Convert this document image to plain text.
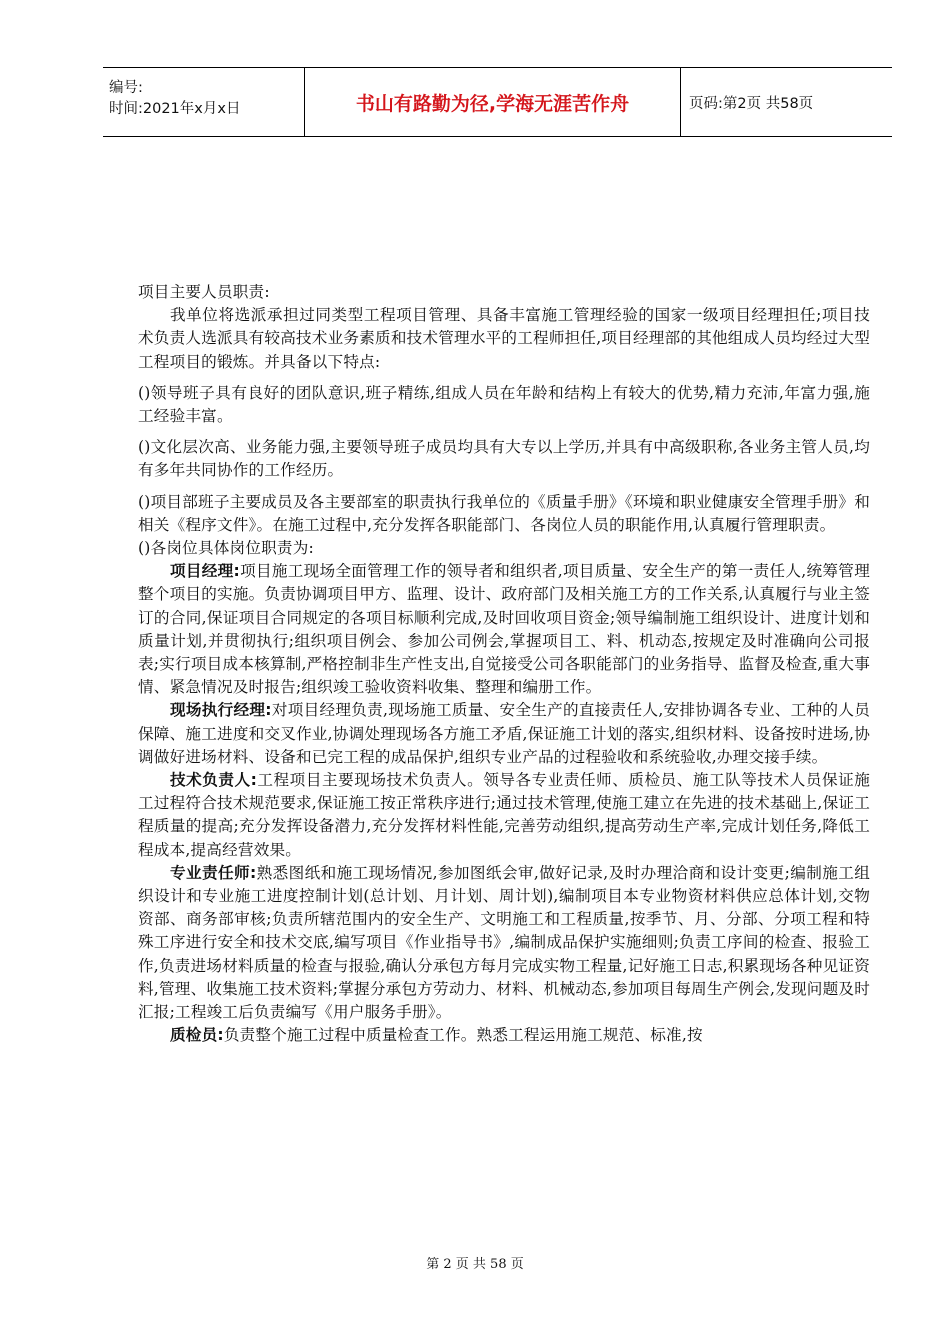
编号:
时间:2021年x月x日	书山有路勤为径,学海无涯苦作舟	页码:第2页 共58页

项目主要人员职责:

我单位将选派承担过同类型工程项目管理、具备丰富施工管理经验的国家一级项目经理担任;项目技术负责人选派具有较高技术业务素质和技术管理水平的工程师担任,项目经理部的其他组成人员均经过大型工程项目的锻炼。并具备以下特点:

()领导班子具有良好的团队意识,班子精练,组成人员在年龄和结构上有较大的优势,精力充沛,年富力强,施工经验丰富。

()文化层次高、业务能力强,主要领导班子成员均具有大专以上学历,并具有中高级职称,各业务主管人员,均有多年共同协作的工作经历。

()项目部班子主要成员及各主要部室的职责执行我单位的《质量手册》《环境和职业健康安全管理手册》和相关《程序文件》。在施工过程中,充分发挥各职能部门、各岗位人员的职能作用,认真履行管理职责。

()各岗位具体岗位职责为:

项目经理:项目施工现场全面管理工作的领导者和组织者,项目质量、安全生产的第一责任人,统筹管理整个项目的实施。负责协调项目甲方、监理、设计、政府部门及相关施工方的工作关系,认真履行与业主签订的合同,保证项目合同规定的各项目标顺利完成,及时回收项目资金;领导编制施工组织设计、进度计划和质量计划,并贯彻执行;组织项目例会、参加公司例会,掌握项目工、料、机动态,按规定及时准确向公司报表;实行项目成本核算制,严格控制非生产性支出,自觉接受公司各职能部门的业务指导、监督及检查,重大事情、紧急情况及时报告;组织竣工验收资料收集、整理和编册工作。

现场执行经理:对项目经理负责,现场施工质量、安全生产的直接责任人,安排协调各专业、工种的人员保障、施工进度和交叉作业,协调处理现场各方施工矛盾,保证施工计划的落实,组织材料、设备按时进场,协调做好进场材料、设备和已完工程的成品保护,组织专业产品的过程验收和系统验收,办理交接手续。

技术负责人:工程项目主要现场技术负责人。领导各专业责任师、质检员、施工队等技术人员保证施工过程符合技术规范要求,保证施工按正常秩序进行;通过技术管理,使施工建立在先进的技术基础上,保证工程质量的提高;充分发挥设备潜力,充分发挥材料性能,完善劳动组织,提高劳动生产率,完成计划任务,降低工程成本,提高经营效果。

专业责任师:熟悉图纸和施工现场情况,参加图纸会审,做好记录,及时办理洽商和设计变更;编制施工组织设计和专业施工进度控制计划(总计划、月计划、周计划),编制项目本专业物资材料供应总体计划,交物资部、商务部审核;负责所辖范围内的安全生产、文明施工和工程质量,按季节、月、分部、分项工程和特殊工序进行安全和技术交底,编写项目《作业指导书》,编制成品保护实施细则;负责工序间的检查、报验工作,负责进场材料质量的检查与报验,确认分承包方每月完成实物工程量,记好施工日志,积累现场各种见证资料,管理、收集施工技术资料;掌握分承包方劳动力、材料、机械动态,参加项目每周生产例会,发现问题及时汇报;工程竣工后负责编写《用户服务手册》。

质检员:负责整个施工过程中质量检查工作。熟悉工程运用施工规范、标准,按

第 2 页 共 58 页
